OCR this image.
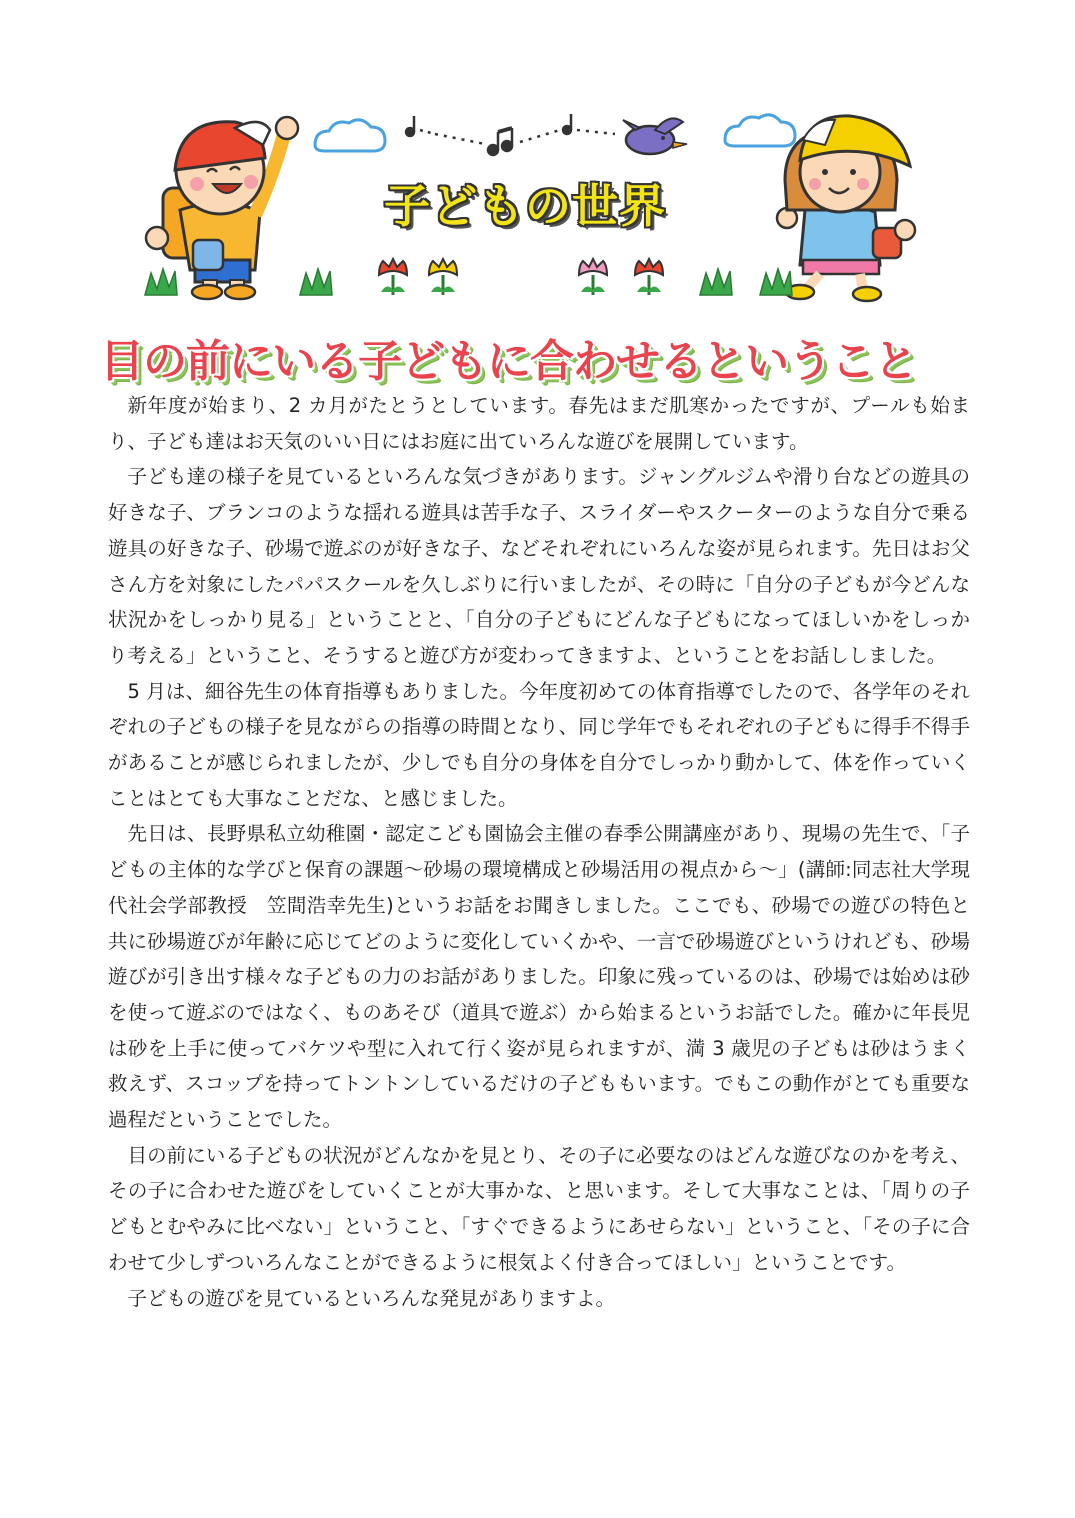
子どもの世界
目の前にいる子どもに合わせるということ

新年度が始まり、2 カ月がたとうとしています。春先はまだ肌寒かったですが、プールも始まり、子ども達はお天気のいい日にはお庭に出ていろんな遊びを展開しています。

子ども達の様子を見ているといろんな気づきがあります。ジャングルジムや滑り台などの遊具の好きな子、ブランコのような揺れる遊具は苦手な子、スライダーやスクーターのような自分で乗る遊具の好きな子、砂場で遊ぶのが好きな子、などそれぞれにいろんな姿が見られます。先日はお父さん方を対象にしたパパスクールを久しぶりに行いましたが、その時に「自分の子どもが今どんな状況かをしっかり見る」ということと、「自分の子どもにどんな子どもになってほしいかをしっかり考える」ということ、そうすると遊び方が変わってきますよ、ということをお話ししました。

5 月は、細谷先生の体育指導もありました。今年度初めての体育指導でしたので、各学年のそれぞれの子どもの様子を見ながらの指導の時間となり、同じ学年でもそれぞれの子どもに得手不得手があることが感じられましたが、少しでも自分の身体を自分でしっかり動かして、体を作っていくことはとても大事なことだな、と感じました。

先日は、長野県私立幼稚園・認定こども園協会主催の春季公開講座があり、現場の先生で、「子どもの主体的な学びと保育の課題～砂場の環境構成と砂場活用の視点から～」(講師:同志社大学現代社会学部教授　笠間浩幸先生)というお話をお聞きしました。ここでも、砂場での遊びの特色と共に砂場遊びが年齢に応じてどのように変化していくかや、一言で砂場遊びというけれども、砂場遊びが引き出す様々な子どもの力のお話がありました。印象に残っているのは、砂場では始めは砂を使って遊ぶのではなく、ものあそび（道具で遊ぶ）から始まるというお話でした。確かに年長児は砂を上手に使ってバケツや型に入れて行く姿が見られますが、満 3 歳児の子どもは砂はうまく救えず、スコップを持ってトントンしているだけの子どももいます。でもこの動作がとても重要な過程だということでした。

目の前にいる子どもの状況がどんなかを見とり、その子に必要なのはどんな遊びなのかを考え、その子に合わせた遊びをしていくことが大事かな、と思います。そして大事なことは、「周りの子どもとむやみに比べない」ということ、「すぐできるようにあせらない」ということ、「その子に合わせて少しずついろんなことができるように根気よく付き合ってほしい」ということです。

子どもの遊びを見ているといろんな発見がありますよ。
